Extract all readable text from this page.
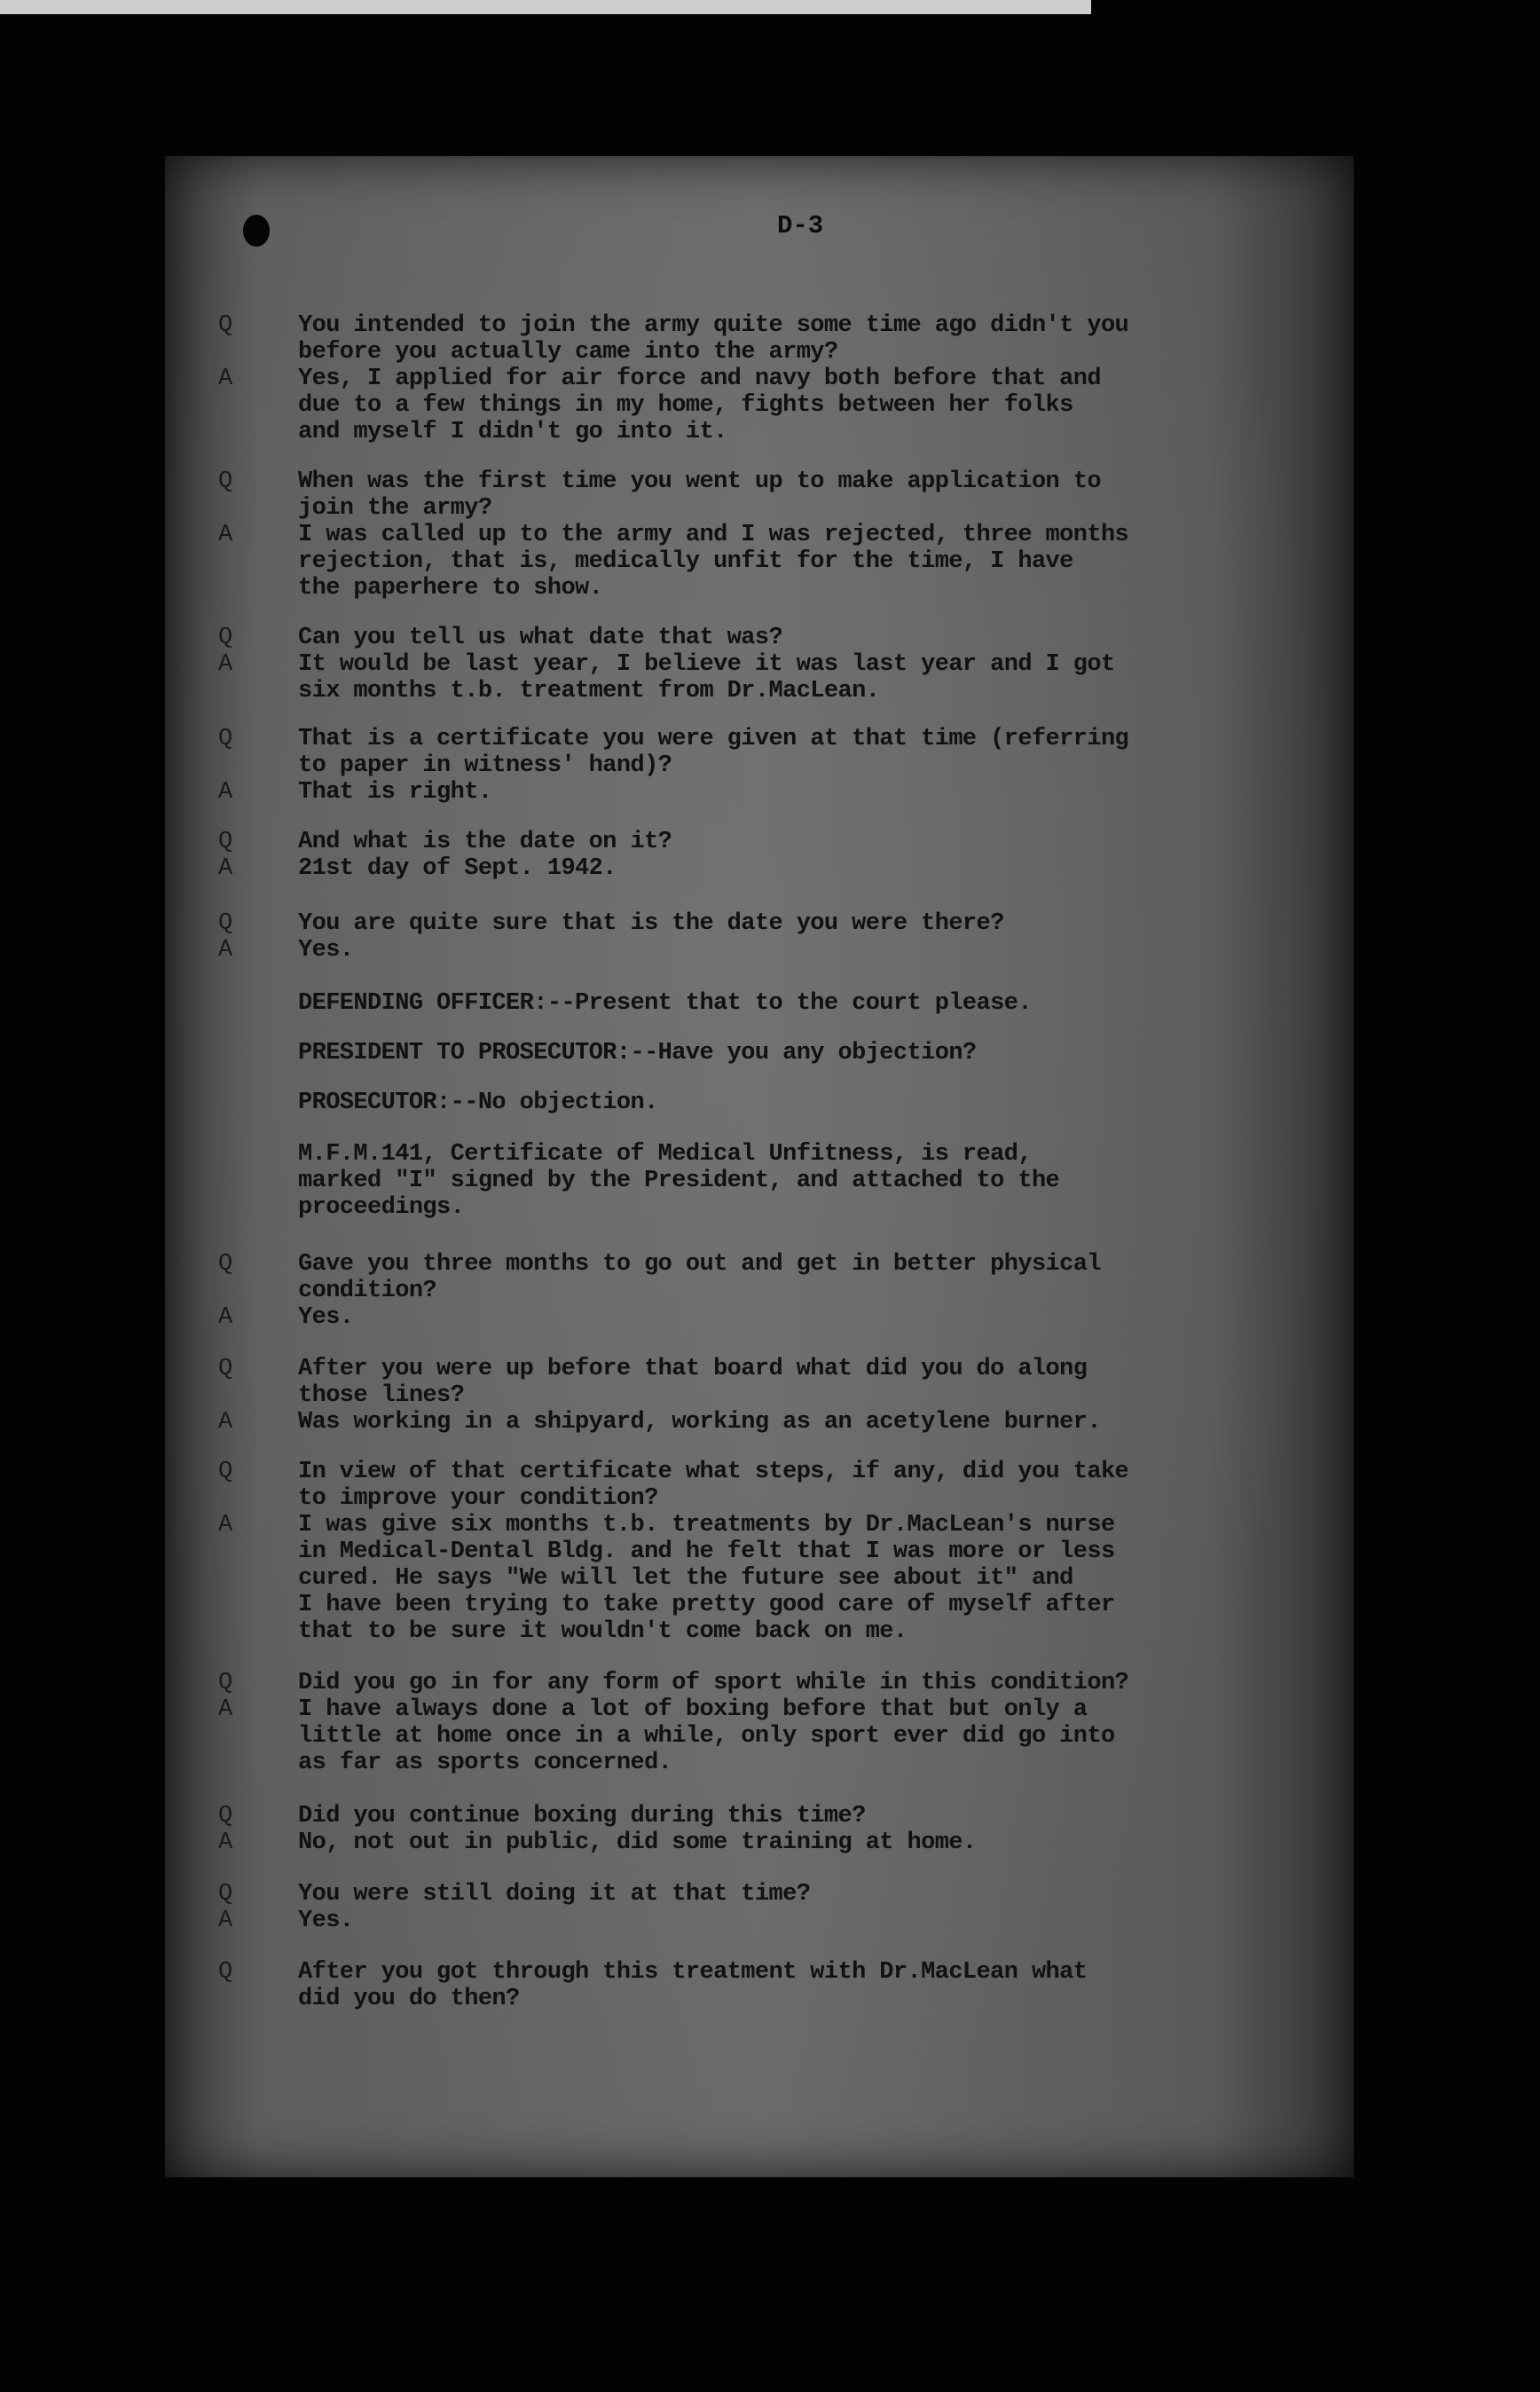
D-3
Q	You intended to join the army quite some time ago didn't you
before you actually came into the army?
A	Yes, I applied for air force and navy both before that and
due to a few things in my home, fights between her folks
and myself I didn't go into it.
Q	When was the first time you went up to make application to
join the army?
A	I was called up to the army and I was rejected, three months
rejection, that is, medically unfit for the time, I have
the paperhere to show.
Q	Can you tell us what date that was?
A	It would be last year, I believe it was last year and I got
six months t.b. treatment from Dr.MacLean.
Q	That is a certificate you were given at that time (referring
to paper in witness' hand)?
A	That is right.
Q	And what is the date on it?
A	21st day of Sept. 1942.
Q	You are quite sure that is the date you were there?
A	Yes.
DEFENDING OFFICER:--Present that to the court please.
PRESIDENT TO PROSECUTOR:--Have you any objection?
PROSECUTOR:--No objection.
M.F.M.141, Certificate of Medical Unfitness, is read,
marked "I" signed by the President, and attached to the
proceedings.
Q	Gave you three months to go out and get in better physical
condition?
A	Yes.
Q	After you were up before that board what did you do along
those lines?
A	Was working in a shipyard, working as an acetylene burner.
Q	In view of that certificate what steps, if any, did you take
to improve your condition?
A	I was give six months t.b. treatments by Dr.MacLean's nurse
in Medical-Dental Bldg. and he felt that I was more or less
cured. He says "We will let the future see about it" and
I have been trying to take pretty good care of myself after
that to be sure it wouldn't come back on me.
Q	Did you go in for any form of sport while in this condition?
A	I have always done a lot of boxing before that but only a
little at home once in a while, only sport ever did go into
as far as sports concerned.
Q	Did you continue boxing during this time?
A	No, not out in public, did some training at home.
Q	You were still doing it at that time?
A	Yes.
Q	After you got through this treatment with Dr.MacLean what
did you do then?
